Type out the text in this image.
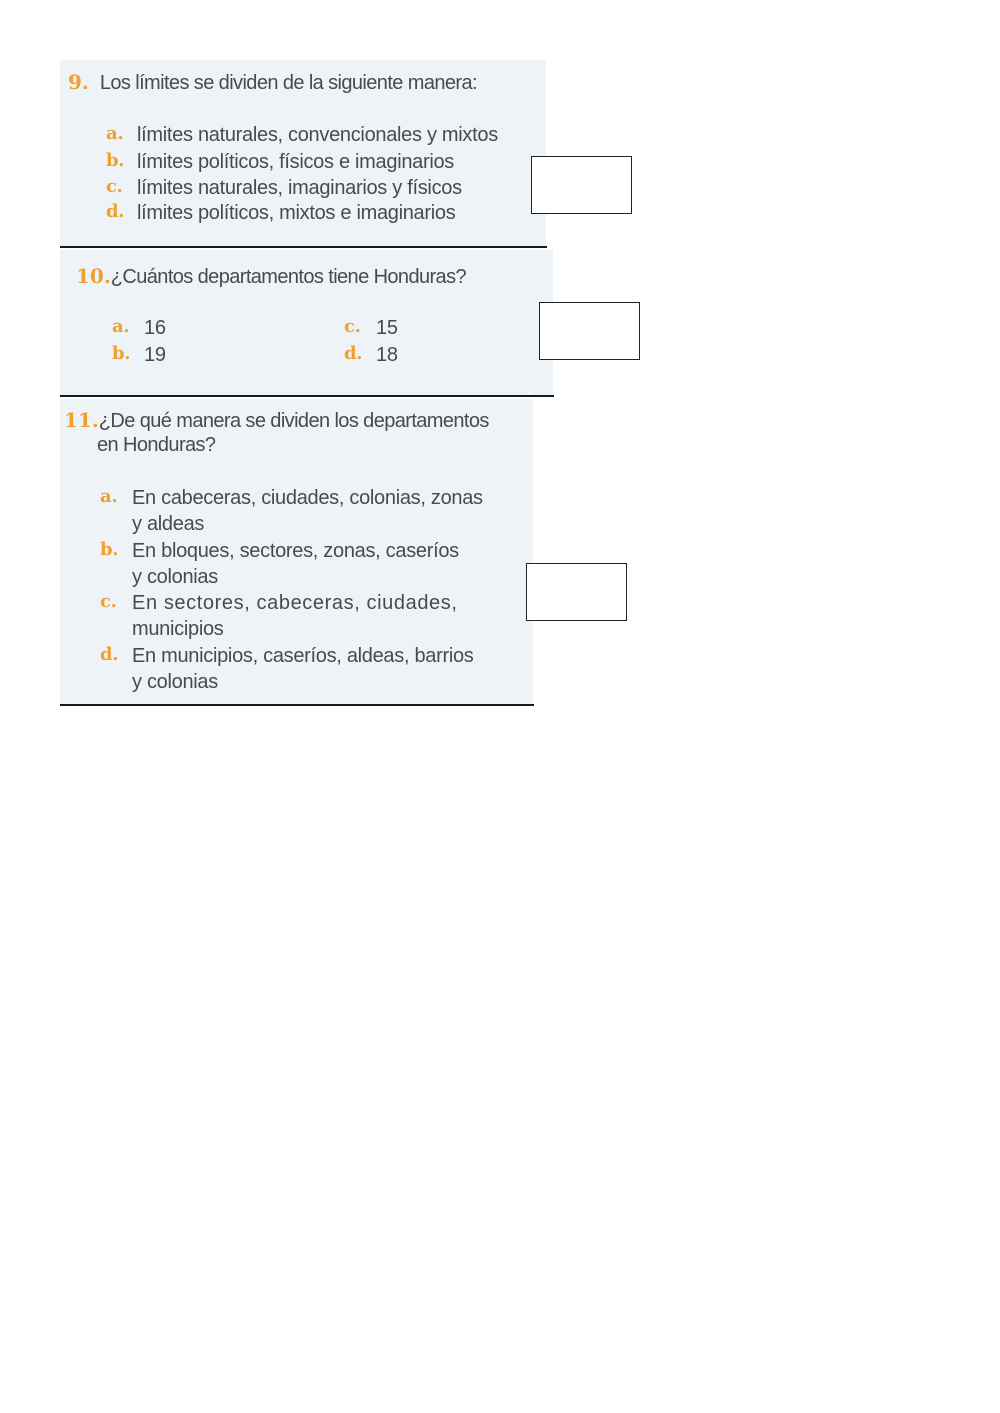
9. Los límites se dividen de la siguiente manera:
a. límites naturales, convencionales y mixtos
b. límites políticos, físicos e imaginarios
c. límites naturales, imaginarios y físicos
d. límites políticos, mixtos e imaginarios
10.¿Cuántos departamentos tiene Honduras?
a. 16
b. 19
c. 15
d. 18
11.¿De qué manera se dividen los departamentos
en Honduras?
a. En cabeceras, ciudades, colonias, zonas
y aldeas
b. En bloques, sectores, zonas, caseríos
y colonias
c. En sectores, cabeceras, ciudades,
municipios
d. En municipios, caseríos, aldeas, barrios
y colonias
